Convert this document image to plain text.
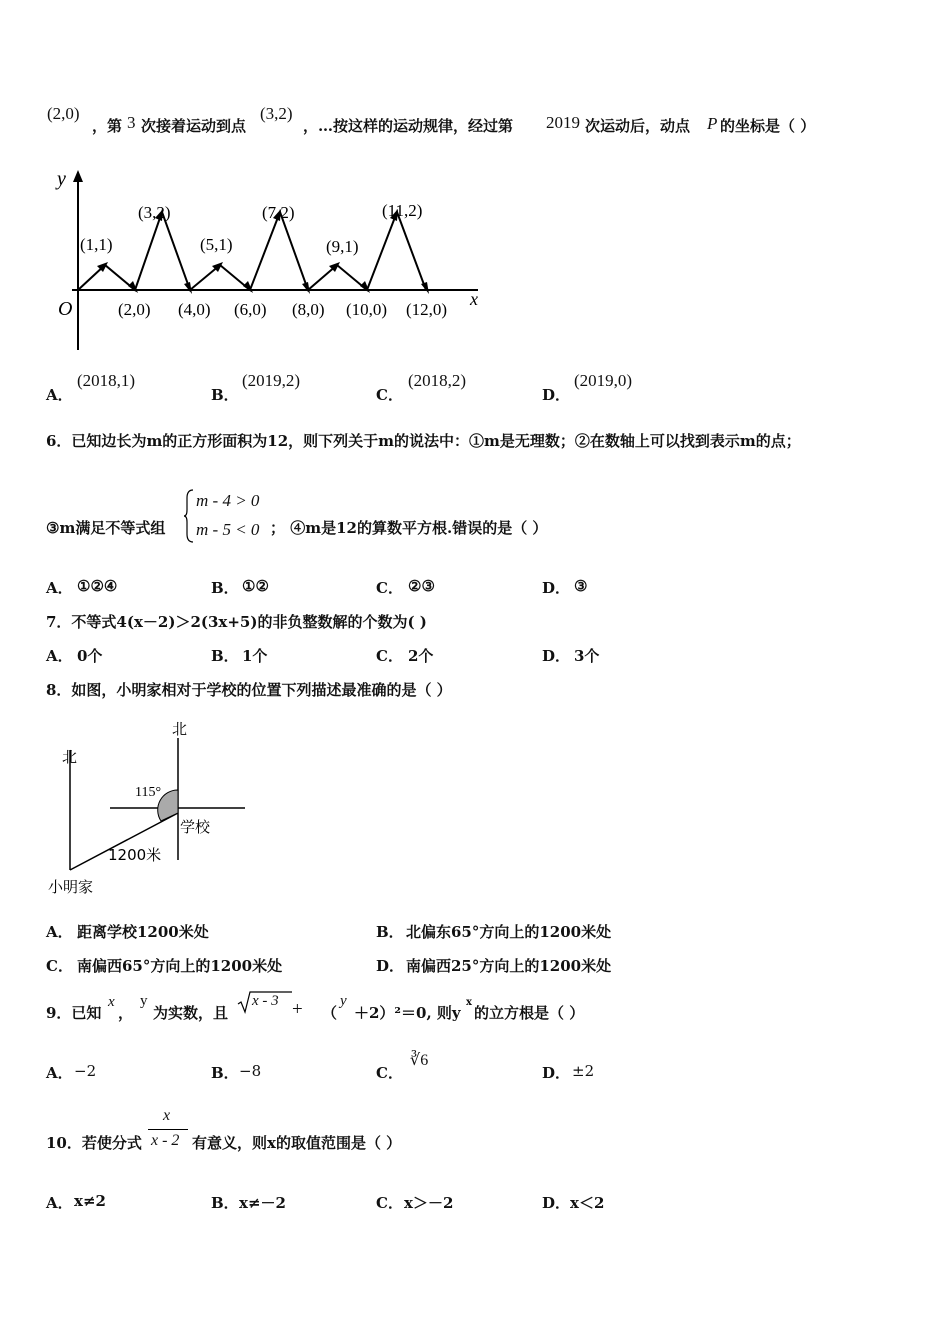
(2,0)
，第 3 次接着运动到点
(3,2)
，…按这样的运动规律，经过第 2019 次运动后，动点 P 的坐标是（ ）
y
x
O
(1,1)
(3,2)
(5,1)
(7,2)
(9,1)
(11,2)
(2,0) (4,0) (6,0) (8,0) (10,0) (12,0)
A．
(2018,1)
B．
(2019,2)
C．
(2018,2)
D．
(2019,0)
6．已知边长为m的正方形面积为12，则下列关于m的说法中：①m是无理数；②在数轴上可以找到表示m的点；
③m满足不等式组
m - 4 > 0
m - 5 < 0 ； ④m是12的算数平方根.错误的是（ ）
A． ①②④	B． ①②	C． ②③	D． ③
7．不等式4(x－2)＞2(3x+5)的非负整数解的个数为( )
A． 0个	B． 1个	C． 2个	D． 3个
8．如图，小明家相对于学校的位置下列描述最准确的是（ ）
北
北
115°
学校
1200米
小明家
A． 距离学校1200米处	B． 北偏东65°方向上的1200米处
C． 南偏西65°方向上的1200米处	D． 南偏西25°方向上的1200米处
9．已知
x
，
y
为实数，且
x - 3 + （
y
＋2）²＝0, 则y
x
的立方根是（ ）
A． −2	B． −8	C．
∛6
D． ±2
10．若使分式
x
x - 2 有意义，则x的取值范围是（ ）
A． x≠2	B． x≠－2	C． x＞－2	D． x＜2
